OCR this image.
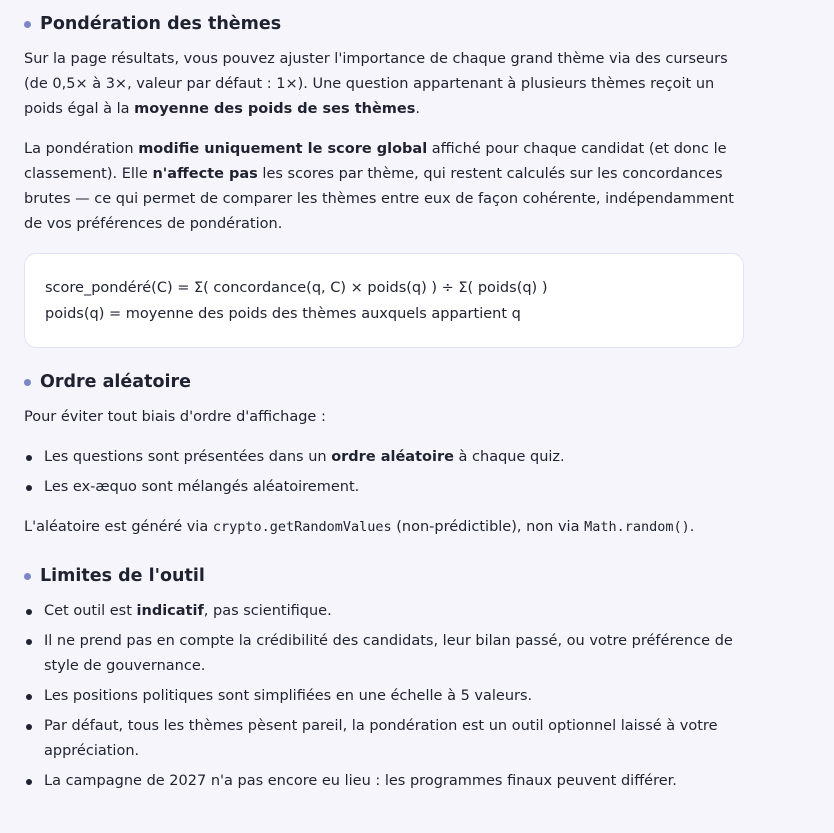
Pondération des thèmes

Sur la page résultats, vous pouvez ajuster l'importance de chaque grand thème via des curseurs (de 0,5× à 3×, valeur par défaut : 1×). Une question appartenant à plusieurs thèmes reçoit un poids égal à la moyenne des poids de ses thèmes.

La pondération modifie uniquement le score global affiché pour chaque candidat (et donc le classement). Elle n'affecte pas les scores par thème, qui restent calculés sur les concordances brutes — ce qui permet de comparer les thèmes entre eux de façon cohérente, indépendamment de vos préférences de pondération.

score_pondéré(C) = Σ( concordance(q, C) × poids(q) ) ÷ Σ( poids(q) )
poids(q) = moyenne des poids des thèmes auxquels appartient q
Ordre aléatoire

Pour éviter tout biais d'ordre d'affichage :

Les questions sont présentées dans un ordre aléatoire à chaque quiz.
Les ex-æquo sont mélangés aléatoirement.

L'aléatoire est généré via crypto.getRandomValues (non-prédictible), non via Math.random().

Limites de l'outil
Cet outil est indicatif, pas scientifique.
Il ne prend pas en compte la crédibilité des candidats, leur bilan passé, ou votre préférence de style de gouvernance.
Les positions politiques sont simplifiées en une échelle à 5 valeurs.
Par défaut, tous les thèmes pèsent pareil, la pondération est un outil optionnel laissé à votre appréciation.
La campagne de 2027 n'a pas encore eu lieu : les programmes finaux peuvent différer.
